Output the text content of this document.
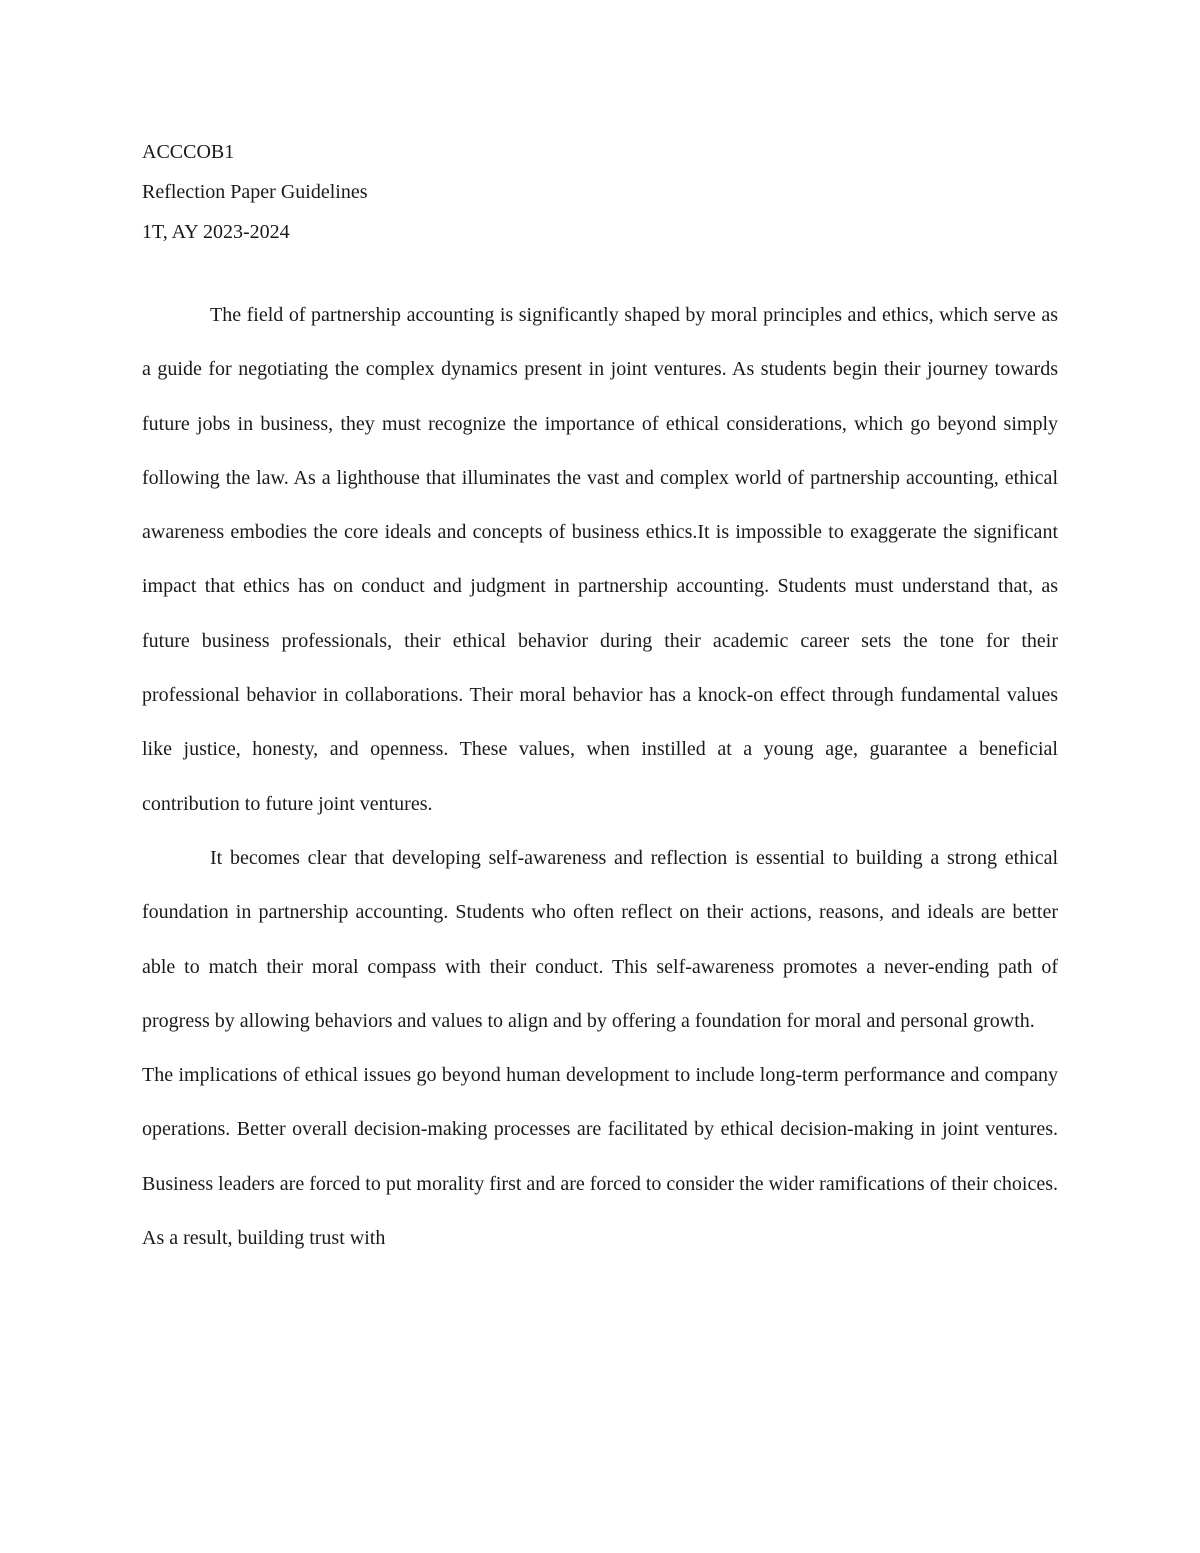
ACCCOB1

Reflection Paper Guidelines

1T, AY 2023-2024

The field of partnership accounting is significantly shaped by moral principles and ethics, which serve as a guide for negotiating the complex dynamics present in joint ventures. As students begin their journey towards future jobs in business, they must recognize the importance of ethical considerations, which go beyond simply following the law. As a lighthouse that illuminates the vast and complex world of partnership accounting, ethical awareness embodies the core ideals and concepts of business ethics.It is impossible to exaggerate the significant impact that ethics has on conduct and judgment in partnership accounting. Students must understand that, as future business professionals, their ethical behavior during their academic career sets the tone for their professional behavior in collaborations. Their moral behavior has a knock-on effect through fundamental values like justice, honesty, and openness. These values, when instilled at a young age, guarantee a beneficial contribution to future joint ventures.

It becomes clear that developing self-awareness and reflection is essential to building a strong ethical foundation in partnership accounting. Students who often reflect on their actions, reasons, and ideals are better able to match their moral compass with their conduct. This self-awareness promotes a never-ending path of progress by allowing behaviors and values to align and by offering a foundation for moral and personal growth.

The implications of ethical issues go beyond human development to include long-term performance and company operations. Better overall decision-making processes are facilitated by ethical decision-making in joint ventures. Business leaders are forced to put morality first and are forced to consider the wider ramifications of their choices. As a result, building trust with
